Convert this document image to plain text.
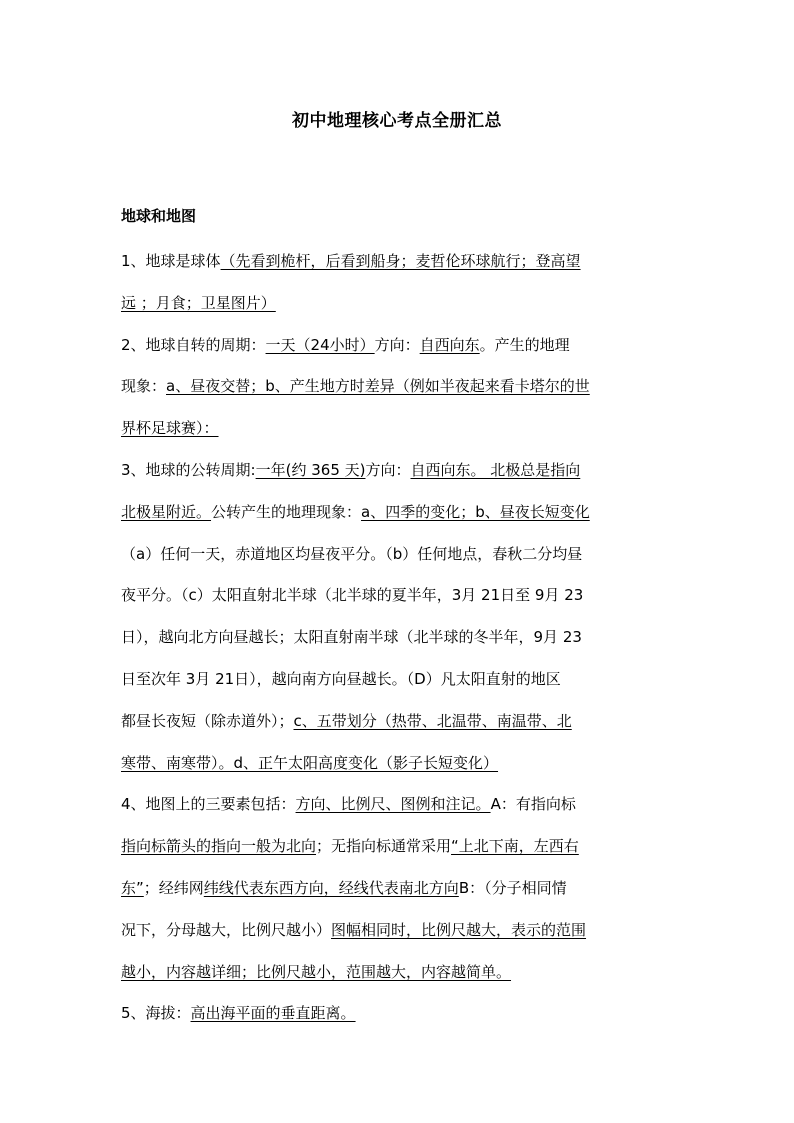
初中地理核心考点全册汇总
地球和地图
1、地球是球体（先看到桅杆，后看到船身；麦哲伦环球航行；登高望
远 ；月食；卫星图片）
2、地球自转的周期：一天（24小时）方向：自西向东。产生的地理
现象：a、昼夜交替；b、产生地方时差异（例如半夜起来看卡塔尔的世
界杯足球赛）：
3、地球的公转周期:一年(约 365 天)方向：自西向东。 北极总是指向
北极星附近。公转产生的地理现象：a、四季的变化；b、昼夜长短变化
（a）任何一天，赤道地区均昼夜平分。（b）任何地点，春秋二分均昼
夜平分。（c）太阳直射北半球（北半球的夏半年，3月 21日至 9月 23
日），越向北方向昼越长；太阳直射南半球（北半球的冬半年，9月 23
日至次年 3月 21日），越向南方向昼越长。（D）凡太阳直射的地区
都昼长夜短（除赤道外）；c、五带划分（热带、北温带、南温带、北
寒带、南寒带）。d、正午太阳高度变化（影子长短变化）
4、地图上的三要素包括：方向、比例尺、图例和注记。A：有指向标
指向标箭头的指向一般为北向；无指向标通常采用“上北下南，左西右
东”；经纬网纬线代表东西方向，经线代表南北方向B：（分子相同情
况下，分母越大，比例尺越小）图幅相同时，比例尺越大，表示的范围
越小，内容越详细；比例尺越小，范围越大，内容越简单。
5、海拔：高出海平面的垂直距离。
